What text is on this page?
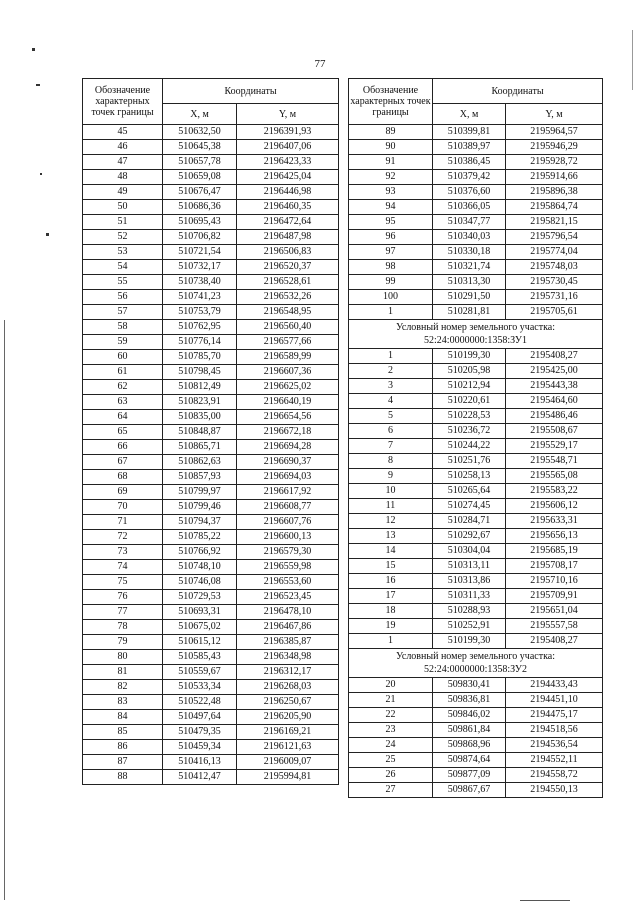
77
Обозначение характерных точек границы	Координаты	
	X, м	Y, м
45	510632,50	2196391,93
46	510645,38	2196407,06
47	510657,78	2196423,33
48	510659,08	2196425,04
49	510676,47	2196446,98
50	510686,36	2196460,35
51	510695,43	2196472,64
52	510706,82	2196487,98
53	510721,54	2196506,83
54	510732,17	2196520,37
55	510738,40	2196528,61
56	510741,23	2196532,26
57	510753,79	2196548,95
58	510762,95	2196560,40
59	510776,14	2196577,66
60	510785,70	2196589,99
61	510798,45	2196607,36
62	510812,49	2196625,02
63	510823,91	2196640,19
64	510835,00	2196654,56
65	510848,87	2196672,18
66	510865,71	2196694,28
67	510862,63	2196690,37
68	510857,93	2196694,03
69	510799,97	2196617,92
70	510799,46	2196608,77
71	510794,37	2196607,76
72	510785,22	2196600,13
73	510766,92	2196579,30
74	510748,10	2196559,98
75	510746,08	2196553,60
76	510729,53	2196523,45
77	510693,31	2196478,10
78	510675,02	2196467,86
79	510615,12	2196385,87
80	510585,43	2196348,98
81	510559,67	2196312,17
82	510533,34	2196268,03
83	510522,48	2196250,67
84	510497,64	2196205,90
85	510479,35	2196169,21
86	510459,34	2196121,63
87	510416,13	2196009,07
88	510412,47	2195994,81
Обозначение характерных точек границы	Координаты	
	X, м	Y, м
89	510399,81	2195964,57
90	510389,97	2195946,29
91	510386,45	2195928,72
92	510379,42	2195914,66
93	510376,60	2195896,38
94	510366,05	2195864,74
95	510347,77	2195821,15
96	510340,03	2195796,54
97	510330,18	2195774,04
98	510321,74	2195748,03
99	510313,30	2195730,45
100	510291,50	2195731,16
1	510281,81	2195705,61
Условный номер земельного участка: 52:24:0000000:1358:ЗУ1		
1	510199,30	2195408,27
2	510205,98	2195425,00
3	510212,94	2195443,38
4	510220,61	2195464,60
5	510228,53	2195486,46
6	510236,72	2195508,67
7	510244,22	2195529,17
8	510251,76	2195548,71
9	510258,13	2195565,08
10	510265,64	2195583,22
11	510274,45	2195606,12
12	510284,71	2195633,31
13	510292,67	2195656,13
14	510304,04	2195685,19
15	510313,11	2195708,17
16	510313,86	2195710,16
17	510311,33	2195709,91
18	510288,93	2195651,04
19	510252,91	2195557,58
1	510199,30	2195408,27
Условный номер земельного участка: 52:24:0000000:1358:ЗУ2		
20	509830,41	2194433,43
21	509836,81	2194451,10
22	509846,02	2194475,17
23	509861,84	2194518,56
24	509868,96	2194536,54
25	509874,64	2194552,11
26	509877,09	2194558,72
27	509867,67	2194550,13
